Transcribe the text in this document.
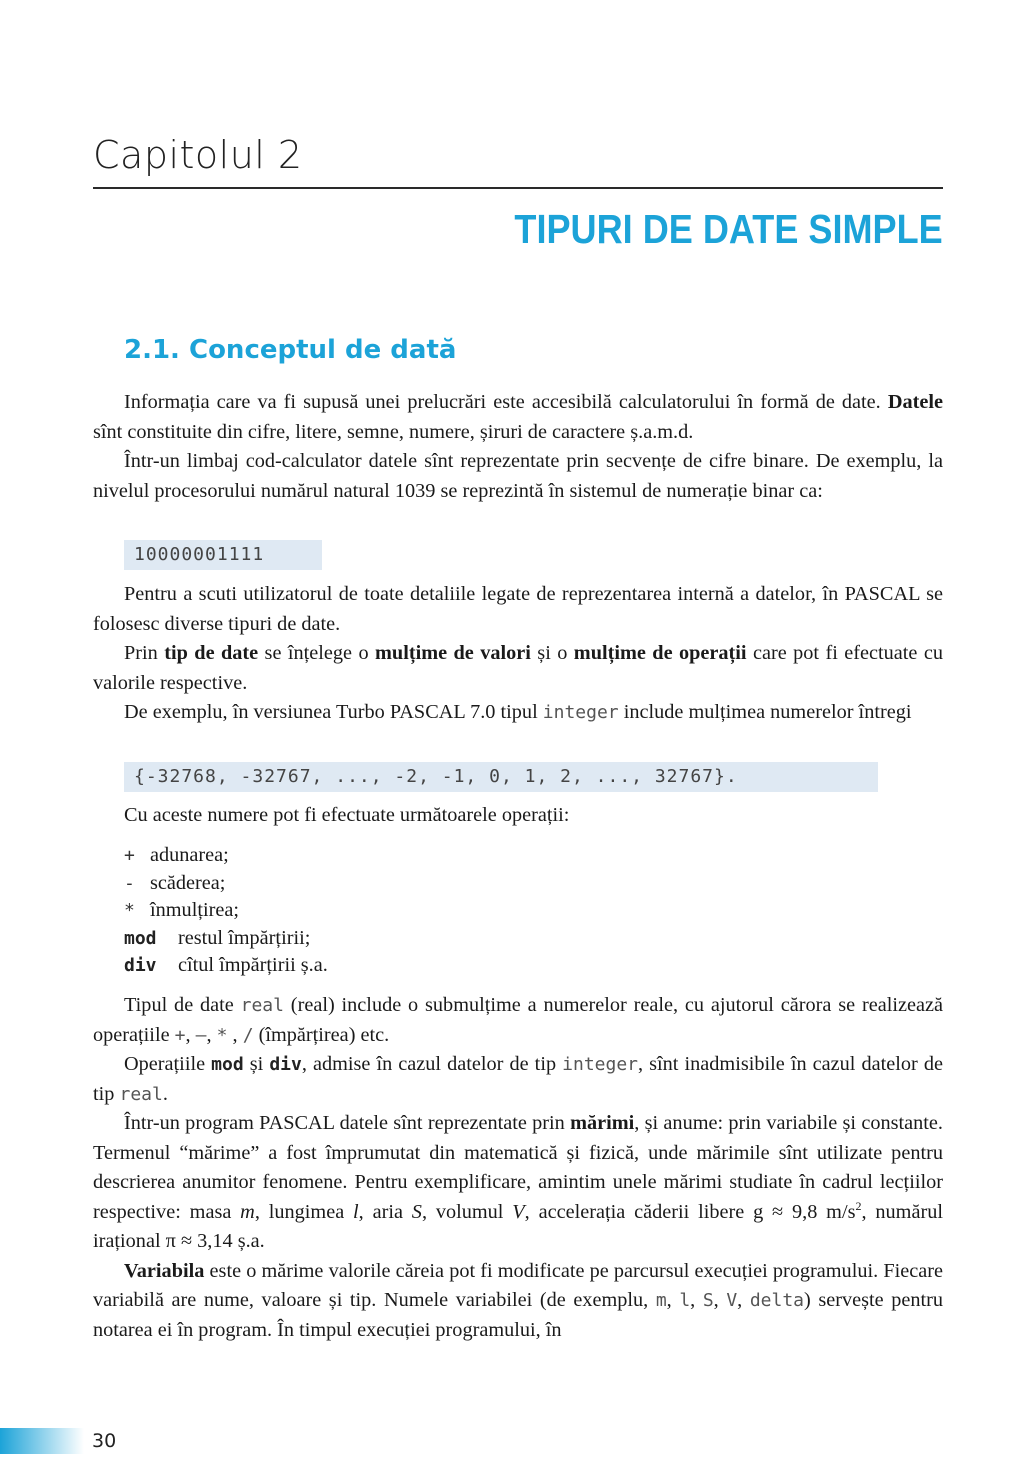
Capitolul 2
TIPURI DE DATE SIMPLE
2.1. Conceptul de dată

Informația care va fi supusă unei prelucrări este accesibilă calculatorului în formă de date. Datele sînt constituite din cifre, litere, semne, numere, șiruri de caractere ș.a.m.d.

Într-un limbaj cod-calculator datele sînt reprezentate prin secvențe de cifre binare. De exemplu, la nivelul procesorului numărul natural 1039 se reprezintă în sistemul de numerație binar ca:

10000001111

Pentru a scuti utilizatorul de toate detaliile legate de reprezentarea internă a datelor, în PASCAL se folosesc diverse tipuri de date.

Prin tip de date se înțelege o mulțime de valori și o mulțime de operații care pot fi efectuate cu valorile respective.

De exemplu, în versiunea Turbo PASCAL 7.0 tipul integer include mulțimea numerelor întregi

{-32768, -32767, ..., -2, -1, 0, 1, 2, ..., 32767}.

Cu aceste numere pot fi efectuate următoarele operații:

+ adunarea;
- scăderea;
* înmulțirea;
mod	restul împărțirii;
div	cîtul împărțirii ș.a.

Tipul de date real (real) include o submulțime a numerelor reale, cu ajutorul cărora se realizează operațiile +, –, * , / (împărțirea) etc.

Operațiile mod și div, admise în cazul datelor de tip integer, sînt inadmisibile în cazul datelor de tip real.

Într-un program PASCAL datele sînt reprezentate prin mărimi, și anume: prin variabile și constante. Termenul “mărime” a fost împrumutat din matematică și fizică, unde mărimile sînt utilizate pentru descrierea anumitor fenomene. Pentru exemplificare, amintim unele mărimi studiate în cadrul lecțiilor respective: masa m, lungimea l, aria S, volumul V, accelerația căderii libere g ≈ 9,8 $m/s^2$, numărul irațional π ≈ 3,14 ș.a.

Variabila este o mărime valorile căreia pot fi modificate pe parcursul execuției programului. Fiecare variabilă are nume, valoare și tip. Numele variabilei (de exemplu, m, l, S, V, delta) servește pentru notarea ei în program. În timpul execuției programului, în

30
